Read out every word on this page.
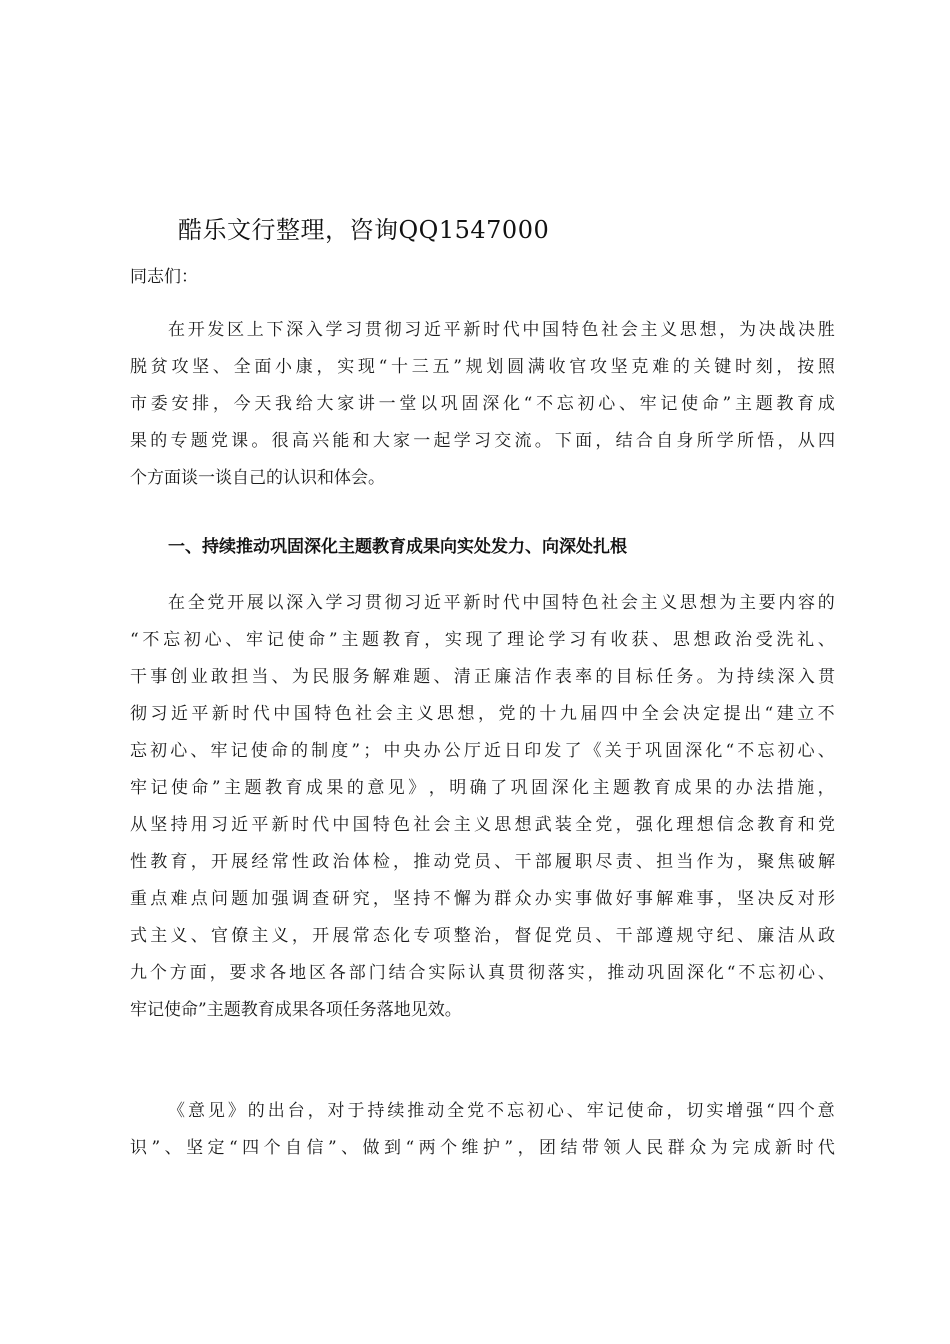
酷乐文行整理，咨询QQ1547000
同志们：
在 开 发 区 上 下 深 入 学 习 贯 彻 习 近 平 新 时 代 中 国 特 色 社 会 主 义 思 想 ， 为 决 战 决 胜
脱 贫 攻 坚 、 全 面 小 康 ， 实 现 “ 十 三 五 ” 规 划 圆 满 收 官 攻 坚 克 难 的 关 键 时 刻 ， 按 照
市 委 安 排 ， 今 天 我 给 大 家 讲 一 堂 以 巩 固 深 化 “ 不 忘 初 心 、 牢 记 使 命 ” 主 题 教 育 成
果 的 专 题 党 课 。 很 高 兴 能 和 大 家 一 起 学 习 交 流 。 下 面 ， 结 合 自 身 所 学 所 悟 ， 从 四
个方面谈一谈自己的认识和体会。
一、持续推动巩固深化主题教育成果向实处发力、向深处扎根
在 全 党 开 展 以 深 入 学 习 贯 彻 习 近 平 新 时 代 中 国 特 色 社 会 主 义 思 想 为 主 要 内 容 的
“ 不 忘 初 心 、 牢 记 使 命 ” 主 题 教 育 ， 实 现 了 理 论 学 习 有 收 获 、 思 想 政 治 受 洗 礼 、
干 事 创 业 敢 担 当 、 为 民 服 务 解 难 题 、 清 正 廉 洁 作 表 率 的 目 标 任 务 。 为 持 续 深 入 贯
彻 习 近 平 新 时 代 中 国 特 色 社 会 主 义 思 想 ， 党 的 十 九 届 四 中 全 会 决 定 提 出 “ 建 立 不
忘 初 心 、 牢 记 使 命 的 制 度 ” ； 中 央 办 公 厅 近 日 印 发 了 《 关 于 巩 固 深 化 “ 不 忘 初 心 、
牢 记 使 命 ” 主 题 教 育 成 果 的 意 见 》 ， 明 确 了 巩 固 深 化 主 题 教 育 成 果 的 办 法 措 施 ，
从 坚 持 用 习 近 平 新 时 代 中 国 特 色 社 会 主 义 思 想 武 装 全 党 ， 强 化 理 想 信 念 教 育 和 党
性 教 育 ， 开 展 经 常 性 政 治 体 检 ， 推 动 党 员 、 干 部 履 职 尽 责 、 担 当 作 为 ， 聚 焦 破 解
重 点 难 点 问 题 加 强 调 查 研 究 ， 坚 持 不 懈 为 群 众 办 实 事 做 好 事 解 难 事 ， 坚 决 反 对 形
式 主 义 、 官 僚 主 义 ， 开 展 常 态 化 专 项 整 治 ， 督 促 党 员 、 干 部 遵 规 守 纪 、 廉 洁 从 政
九 个 方 面 ， 要 求 各 地 区 各 部 门 结 合 实 际 认 真 贯 彻 落 实 ， 推 动 巩 固 深 化 “ 不 忘 初 心 、
牢记使命”主题教育成果各项任务落地见效。
《 意 见 》 的 出 台 ， 对 于 持 续 推 动 全 党 不 忘 初 心 、 牢 记 使 命 ， 切 实 增 强 “ 四 个 意
识 ” 、 坚 定 “ 四 个 自 信 ” 、 做 到 “ 两 个 维 护 ” ， 团 结 带 领 人 民 群 众 为 完 成 新 时 代
